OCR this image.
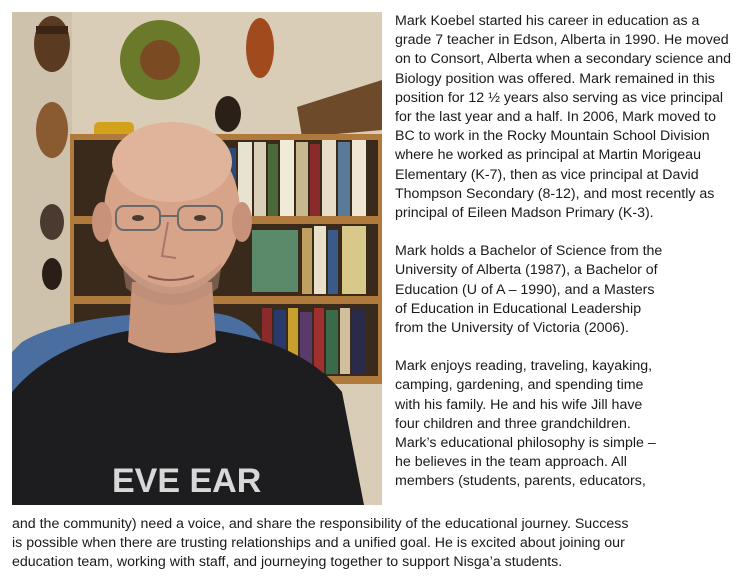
EVE EAR

Mark Koebel started his career in education as a grade 7 teacher in Edson, Alberta in 1990. He moved on to Consort, Alberta when a secondary science and Biology position was offered. Mark remained in this position for 12 ½ years also serving as vice principal for the last year and a half. In 2006, Mark moved to BC to work in the Rocky Mountain School Division where he worked as principal at Martin Morigeau Elementary (K-7), then as vice principal at David Thompson Secondary (8-12), and most recently as principal of Eileen Madson Primary (K-3).

Mark holds a Bachelor of Science from the
University of Alberta (1987), a Bachelor of
Education (U of A – 1990), and a Masters
of Education in Educational Leadership
from the University of Victoria (2006).

Mark enjoys reading, traveling, kayaking,
camping, gardening, and spending time
with his family. He and his wife Jill have
four children and three grandchildren.
Mark’s educational philosophy is simple –
he believes in the team approach. All
members (students, parents, educators,

and the community) need a voice, and share the responsibility of the educational journey. Success
is possible when there are trusting relationships and a unified goal. He is excited about joining our
education team, working with staff, and journeying together to support Nisga’a students.
